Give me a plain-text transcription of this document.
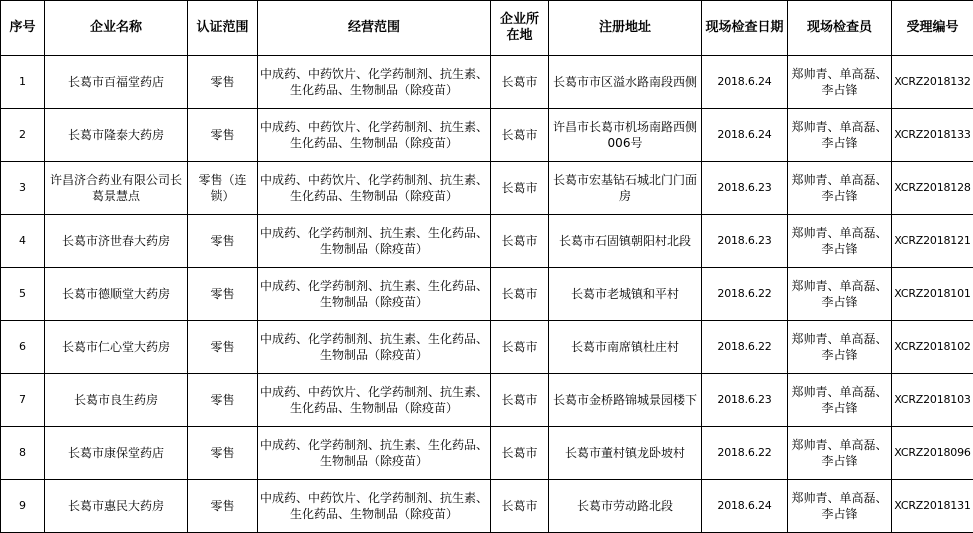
序号	企业名称	认证范围	经营范围	企业所在地	注册地址	现场检查日期	现场检查员	受理编号
1	长葛市百福堂药店	零售	中成药、中药饮片、化学药制剂、抗生素、生化药品、生物制品（除疫苗）	长葛市	长葛市市区溢水路南段西侧	2018.6.24	郑帅青、单高磊、李占锋	XCRZ2018132
2	长葛市隆泰大药房	零售	中成药、中药饮片、化学药制剂、抗生素、生化药品、生物制品（除疫苗）	长葛市	许昌市长葛市机场南路西侧006号	2018.6.24	郑帅青、单高磊、李占锋	XCRZ2018133
3	许昌济合药业有限公司长葛景慧点	零售（连锁）	中成药、中药饮片、化学药制剂、抗生素、生化药品、生物制品（除疫苗）	长葛市	长葛市宏基钻石城北门门面房	2018.6.23	郑帅青、单高磊、李占锋	XCRZ2018128
4	长葛市济世春大药房	零售	中成药、化学药制剂、抗生素、生化药品、生物制品（除疫苗）	长葛市	长葛市石固镇朝阳村北段	2018.6.23	郑帅青、单高磊、李占锋	XCRZ2018121
5	长葛市德顺堂大药房	零售	中成药、化学药制剂、抗生素、生化药品、生物制品（除疫苗）	长葛市	长葛市老城镇和平村	2018.6.22	郑帅青、单高磊、李占锋	XCRZ2018101
6	长葛市仁心堂大药房	零售	中成药、化学药制剂、抗生素、生化药品、生物制品（除疫苗）	长葛市	长葛市南席镇杜庄村	2018.6.22	郑帅青、单高磊、李占锋	XCRZ2018102
7	长葛市良生药房	零售	中成药、中药饮片、化学药制剂、抗生素、生化药品、生物制品（除疫苗）	长葛市	长葛市金桥路锦城景园楼下	2018.6.23	郑帅青、单高磊、李占锋	XCRZ2018103
8	长葛市康保堂药店	零售	中成药、化学药制剂、抗生素、生化药品、生物制品（除疫苗）	长葛市	长葛市董村镇龙卧坡村	2018.6.22	郑帅青、单高磊、李占锋	XCRZ2018096
9	长葛市惠民大药房	零售	中成药、中药饮片、化学药制剂、抗生素、生化药品、生物制品（除疫苗）	长葛市	长葛市劳动路北段	2018.6.24	郑帅青、单高磊、李占锋	XCRZ2018131
